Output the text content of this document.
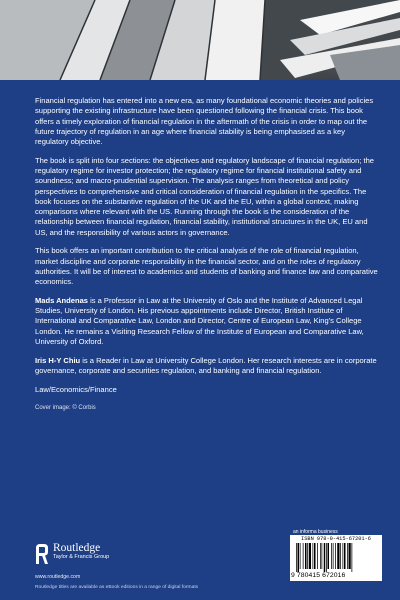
Financial regulation has entered into a new era, as many foundational economic theories and policies supporting the existing infrastructure have been questioned following the financial crisis. This book offers a timely exploration of financial regulation in the aftermath of the crisis in order to map out the future trajectory of regulation in an age where financial stability is being emphasised as a key regulatory objective.

The book is split into four sections: the objectives and regulatory landscape of financial regulation; the regulatory regime for investor protection; the regulatory regime for financial institutional safety and soundness; and macro-prudential supervision. The analysis ranges from theoretical and policy perspectives to comprehensive and critical consideration of financial regulation in the specifics. The book focuses on the substantive regulation of the UK and the EU, within a global context, making comparisons where relevant with the US. Running through the book is the consideration of the relationship between financial regulation, financial stability, institutional structures in the UK, EU and US, and the responsibility of various actors in governance.

This book offers an important contribution to the critical analysis of the role of financial regulation, market discipline and corporate responsibility in the financial sector, and on the roles of regulatory authorities. It will be of interest to academics and students of banking and finance law and comparative economics.

Mads Andenas is a Professor in Law at the University of Oslo and the Institute of Advanced Legal Studies, University of London. His previous appointments include Director, British Institute of International and Comparative Law, London and Director, Centre of European Law, King's College London. He remains a Visiting Research Fellow of the Institute of European and Comparative Law, University of Oxford.

Iris H-Y Chiu is a Reader in Law at University College London. Her research interests are in corporate governance, corporate and securities regulation, and banking and financial regulation.

Law/Economics/Finance

Cover image: © Corbis

Routledge
Taylor & Francis Group
www.routledge.com
an informa business
ISBN 978-0-415-67201-6
9 780415 672016
Routledge titles are available as eBook editions in a range of digital formats
